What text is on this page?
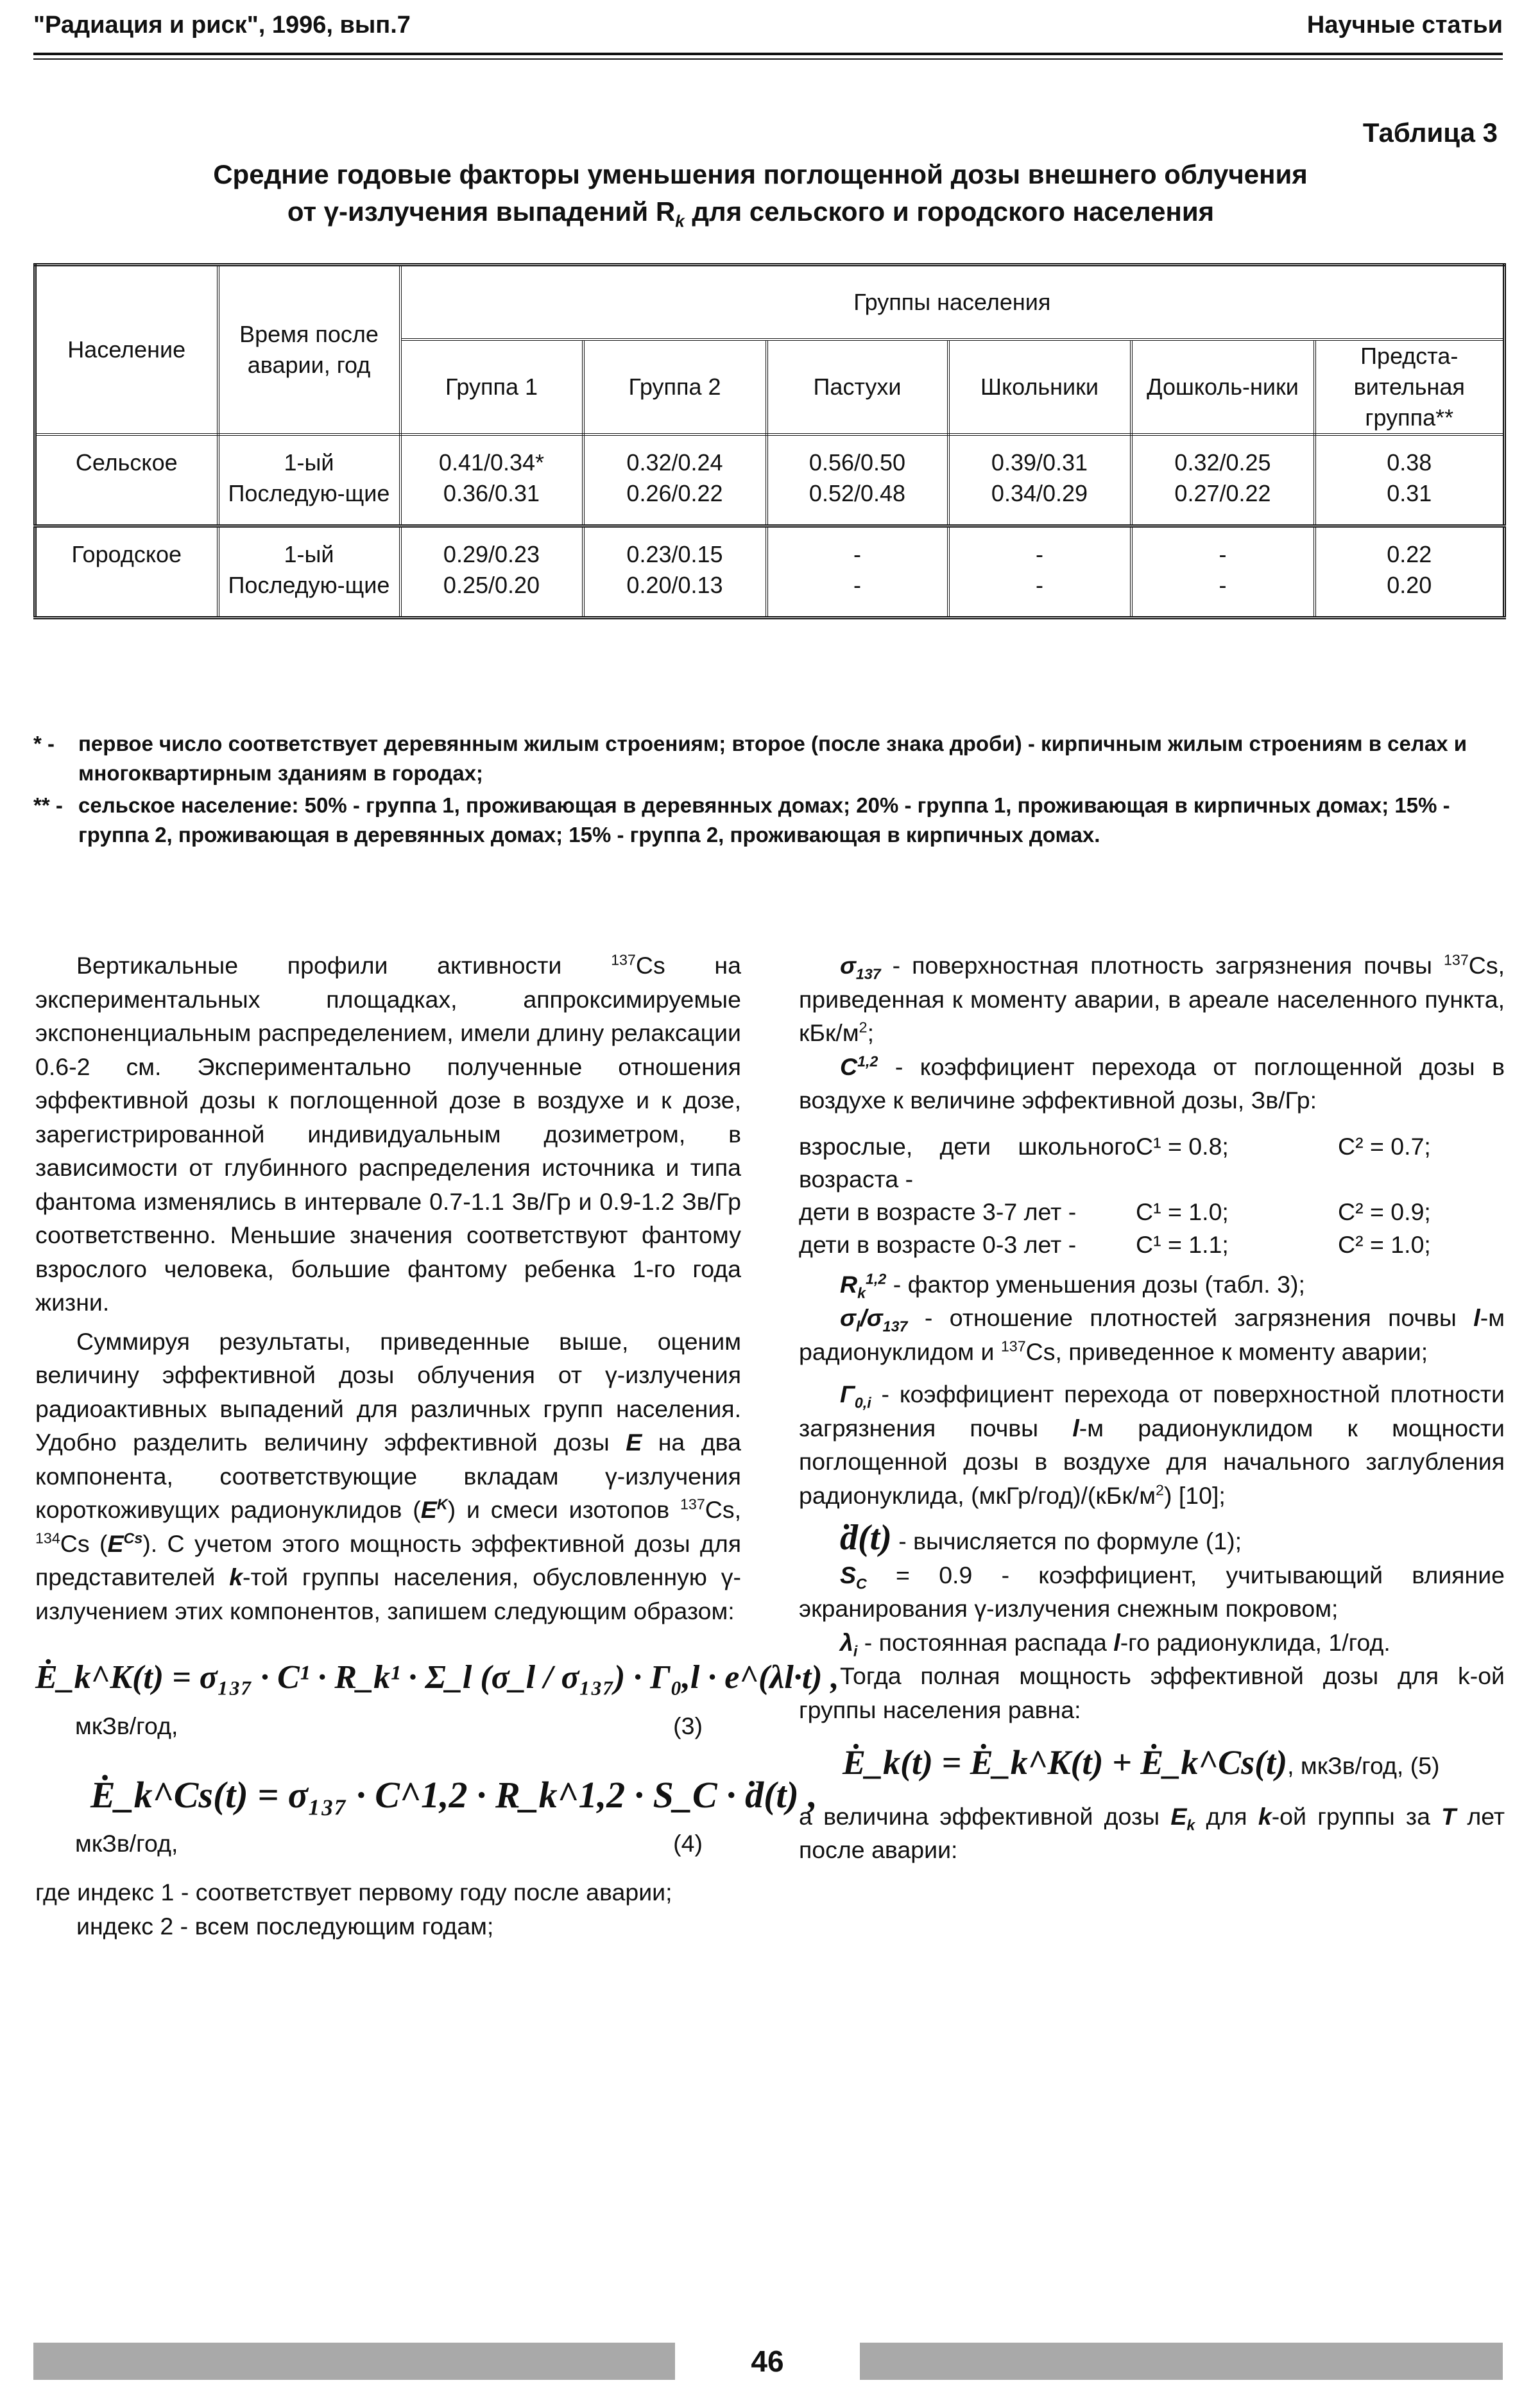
"Радиация и риск", 1996, вып.7	Научные статьи
Таблица 3
Средние годовые факторы уменьшения поглощенной дозы внешнего облучения

от γ-излучения выпадений $R_k$ для сельского и городского населения
Население	Время после аварии, год	Группы населения					
		Группа 1	Группа 2	Пастухи	Школьники	Дошколь-ники	Предста-вительная группа**
Сельское	1-ый	0.41/0.34*	0.32/0.24	0.56/0.50	0.39/0.31	0.32/0.25	0.38
	Последую-щие	0.36/0.31	0.26/0.22	0.52/0.48	0.34/0.29	0.27/0.22	0.31
Городское	1-ый	0.29/0.23	0.23/0.15	-	-	-	0.22
	Последую-щие	0.25/0.20	0.20/0.13	-	-	-	0.20
* -	первое число соответствует деревянным жилым строениям; второе (после знака дроби) - кирпичным жилым строениям в селах и многоквартирным зданиям в городах;
** - сельское население: 50% - группа 1, проживающая в деревянных домах; 20% - группа 1, проживающая в кирпичных домах; 15% - группа 2, проживающая в деревянных домах; 15% - группа 2, проживающая в кирпичных домах.

Вертикальные профили активности $^{137}$Cs на экспериментальных площадках, аппроксимируемые экспоненциальным распределением, имели длину релаксации 0.6-2 см. Экспериментально полученные отношения эффективной дозы к поглощенной дозе в воздухе и к дозе, зарегистрированной индивидуальным дозиметром, в зависимости от глубинного распределения источника и типа фантома изменялись в интервале 0.7-1.1 Зв/Гр и 0.9-1.2 Зв/Гр соответственно. Меньшие значения соответствуют фантому взрослого человека, большие фантому ребенка 1-го года жизни.

Суммируя результаты, приведенные выше, оценим величину эффективной дозы облучения от γ-излучения радиоактивных выпадений для различных групп населения. Удобно разделить величину эффективной дозы E на два компонента, соответствующие вкладам γ-излучения короткоживущих радионуклидов $(E^K)$ и смеси изотопов $^{137}$Cs, $^{134}$Cs $(E^{Cs})$. С учетом этого мощность эффективной дозы для представителей k-той группы населения, обусловленную γ-излучением этих компонентов, запишем следующим образом:

Ė_k^K(t) = σ₁₃₇ · C¹ · R_k¹ · Σ_l (σ_l / σ₁₃₇) · Γ₀,l · e^(λl·t) ,
мкЗв/год,	(3)
Ė_k^Cs(t) = σ₁₃₇ · C^1,2 · R_k^1,2 · S_C · ḋ(t) ,
мкЗв/год,	(4)

где индекс 1 - соответствует первому году после аварии;

индекс 2 - всем последующим годам;

$\sigma_{137}$ - поверхностная плотность загрязнения почвы $^{137}$Cs, приведенная к моменту аварии, в ареале населенного пункта, кБк/$м^2$;

C$^{1,2}$ - коэффициент перехода от поглощенной дозы в воздухе к величине эффективной дозы, Зв/Гр:

взрослые, дети школьного возраста -	C¹ = 0.8;	C² = 0.7;
дети в возрасте 3-7 лет -	C¹ = 1.0;	C² = 0.9;
дети в возрасте 0-3 лет -	C¹ = 1.1;	C² = 1.0;

$R_k^{1,2}$ - фактор уменьшения дозы (табл. 3);

$\sigma_l/\sigma_{137}$ - отношение плотностей загрязнения почвы l-м радионуклидом и $^{137}$Cs, приведенное к моменту аварии;

$\Gamma_{0,i}$ - коэффициент перехода от поверхностной плотности загрязнения почвы l-м радионуклидом к мощности поглощенной дозы в воздухе для начального заглубления радионуклида, $(мкГр/год)/(кБк/м^2)$ [10];

ḋ(t) - вычисляется по формуле (1);

$S_C = 0.9$ - коэффициент, учитывающий влияние экранирования γ-излучения снежным покровом;

$\lambda_i$ - постоянная распада l-го радионуклида, 1/год.

Тогда полная мощность эффективной дозы для k-ой группы населения равна:

Ė_k(t) = Ė_k^K(t) + Ė_k^Cs(t), мкЗв/год, (5)

а величина эффективной дозы $E_k$ для k-ой группы за T лет после аварии:

46
